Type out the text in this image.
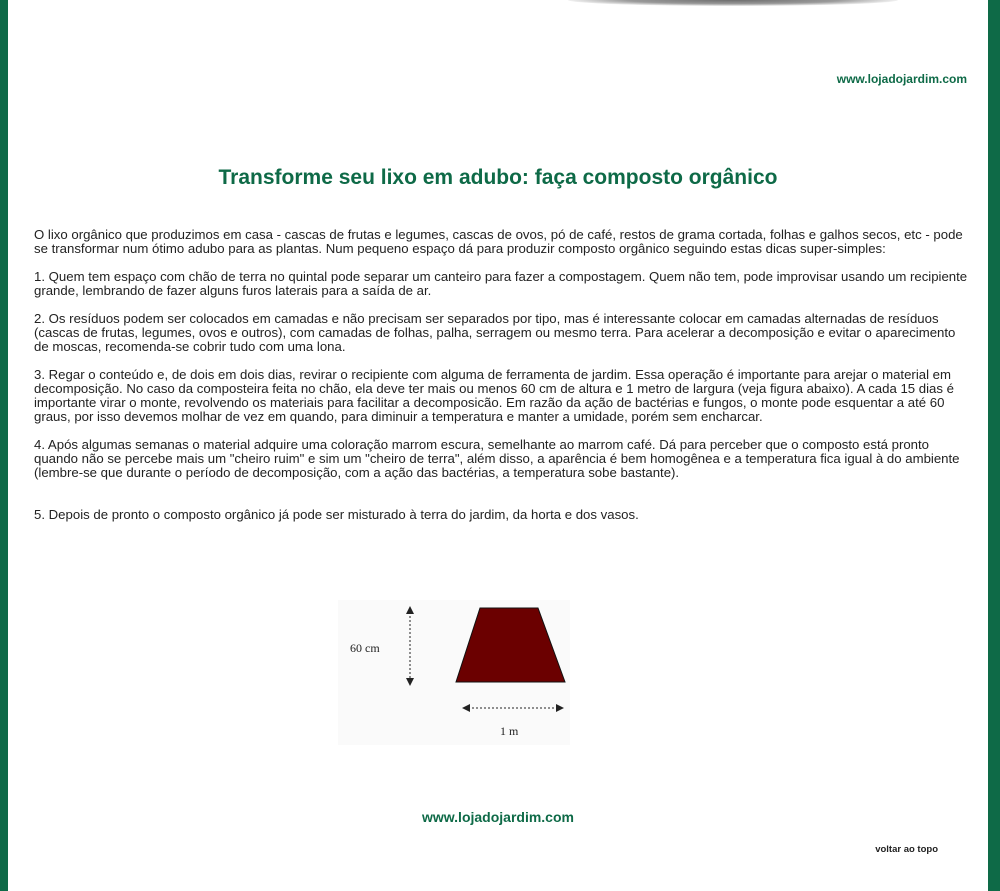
www.lojadojardim.com
Transforme seu lixo em adubo: faça composto orgânico

O lixo orgânico que produzimos em casa - cascas de frutas e legumes, cascas de ovos, pó de café, restos de grama cortada, folhas e galhos secos, etc - pode se transformar num ótimo adubo para as plantas. Num pequeno espaço dá para produzir composto orgânico seguindo estas dicas super-simples:

1. Quem tem espaço com chão de terra no quintal pode separar um canteiro para fazer a compostagem. Quem não tem, pode improvisar usando um recipiente grande, lembrando de fazer alguns furos laterais para a saída de ar.

2. Os resíduos podem ser colocados em camadas e não precisam ser separados por tipo, mas é interessante colocar em camadas alternadas de resíduos (cascas de frutas, legumes, ovos e outros), com camadas de folhas, palha, serragem ou mesmo terra. Para acelerar a decomposição e evitar o aparecimento de moscas, recomenda-se cobrir tudo com uma lona.

3. Regar o conteúdo e, de dois em dois dias, revirar o recipiente com alguma de ferramenta de jardim. Essa operação é importante para arejar o material em decomposição. No caso da composteira feita no chão, ela deve ter mais ou menos 60 cm de altura e 1 metro de largura (veja figura abaixo). A cada 15 dias é importante virar o monte, revolvendo os materiais para facilitar a decomposicão. Em razão da ação de bactérias e fungos, o monte pode esquentar a até 60 graus, por isso devemos molhar de vez em quando, para diminuir a temperatura e manter a umidade, porém sem encharcar.

4. Após algumas semanas o material adquire uma coloração marrom escura, semelhante ao marrom café. Dá para perceber que o composto está pronto quando não se percebe mais um "cheiro ruim" e sim um "cheiro de terra", além disso, a aparência é bem homogênea e a temperatura fica igual à do ambiente (lembre-se que durante o período de decomposição, com a ação das bactérias, a temperatura sobe bastante).

5. Depois de pronto o composto orgânico já pode ser misturado à terra do jardim, da horta e dos vasos.

60 cm
1 m
www.lojadojardim.com
voltar ao topo
